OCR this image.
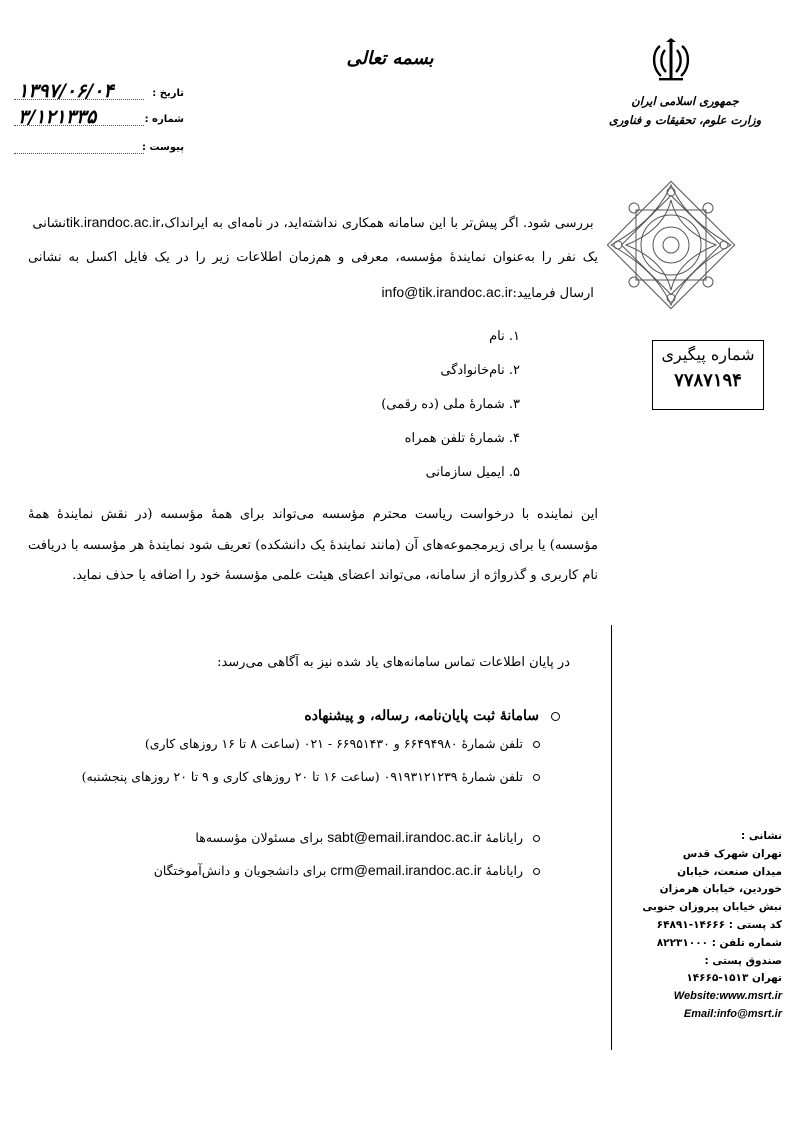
بسمه تعالی
جمهوری اسلامی ایران
وزارت علوم، تحقیقات و فناوری
۱۳۹۷/۰۶/۰۴	تاریخ :
۳/۱۲۱۳۳۵	شماره :
پیوست :
شماره پیگیری
۷۷۸۷۱۹۴
نشانی tik.irandoc.ac.ir بررسی شود. اگر پیش‌تر با این سامانه همکاری نداشته‌اید، در نامه‌ای به ایرانداک، یک نفر را به‌عنوان نمایندهٔ مؤسسه، معرفی و هم‌زمان اطلاعات زیر را در یک فایل اکسل به نشانی info@tik.irandoc.ac.ir ارسال فرمایید:
۱. نام
۲. نام‌خانوادگی
۳. شمارهٔ ملی (ده رقمی)
۴. شمارهٔ تلفن همراه
۵. ایمیل سازمانی
این نماینده با درخواست ریاست محترم مؤسسه می‌تواند برای همهٔ مؤسسه (در نقش نمایندهٔ همهٔ مؤسسه) یا برای زیرمجموعه‌های آن (مانند نمایندهٔ یک دانشکده) تعریف شود نمایندهٔ هر مؤسسه با دریافت نام کاربری و گذرواژه از سامانه، می‌تواند اعضای هیئت علمی مؤسسهٔ خود را اضافه یا حذف نماید.
در پایان اطلاعات تماس سامانه‌های یاد شده نیز به آگاهی می‌رسد:
سامانهٔ ثبت پایان‌نامه، رساله، و پیشنهاده
تلفن شمارهٔ ۶۶۴۹۴۹۸۰ و ۶۶۹۵۱۴۳۰ - ۰۲۱ (ساعت ۸ تا ۱۶ روزهای کاری)
تلفن شمارهٔ ۰۹۱۹۳۱۲۱۲۳۹ (ساعت ۱۶ تا ۲۰ روزهای کاری و ۹ تا ۲۰ روزهای پنجشنبه)
رایانامهٔ sabt@email.irandoc.ac.ir برای مسئولان مؤسسه‌ها
رایانامهٔ crm@email.irandoc.ac.ir برای دانشجویان و دانش‌آموختگان
نشانی :
تهران شهرک قدس
میدان صنعت، خیابان
خوردین، خیابان هرمزان
نبش خیابان پیروزان جنوبی
کد پستی : ۱۴۶۶۶-۶۴۸۹۱
شماره تلفن : ۸۲۲۳۱۰۰۰
صندوق پستی :
تهران ۱۵۱۳-۱۴۶۶۵
Website:www.msrt.ir
Email:info@msrt.ir
